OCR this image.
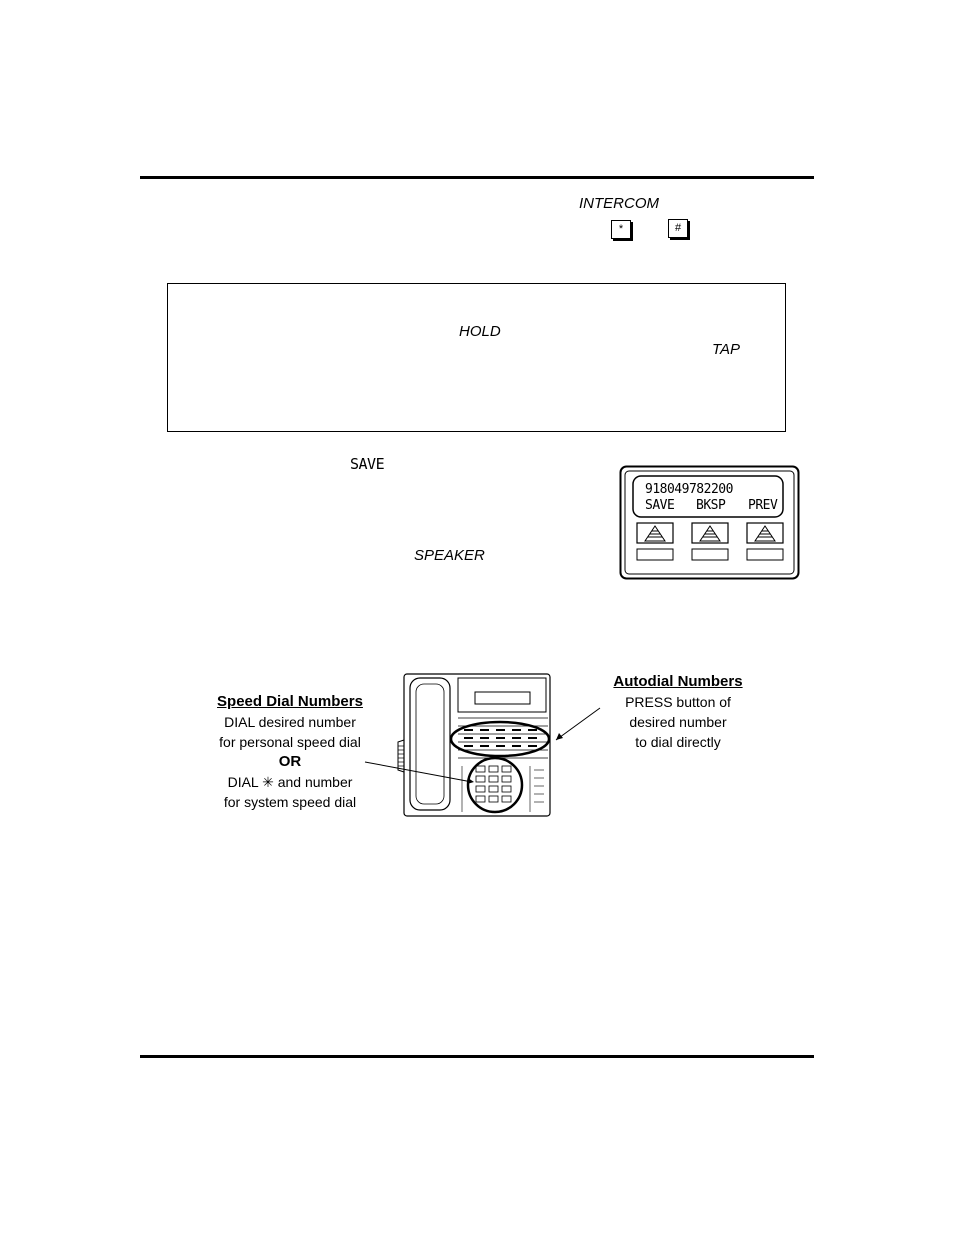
INTERCOM
*	#
HOLD
TAP
SAVE
SPEAKER
918049782200
SAVE BKSP PREV
Speed Dial Numbers
DIAL desired number
for personal speed dial
OR
DIAL ✳ and number
for system speed dial
Autodial Numbers
PRESS button of
desired number
to dial directly
